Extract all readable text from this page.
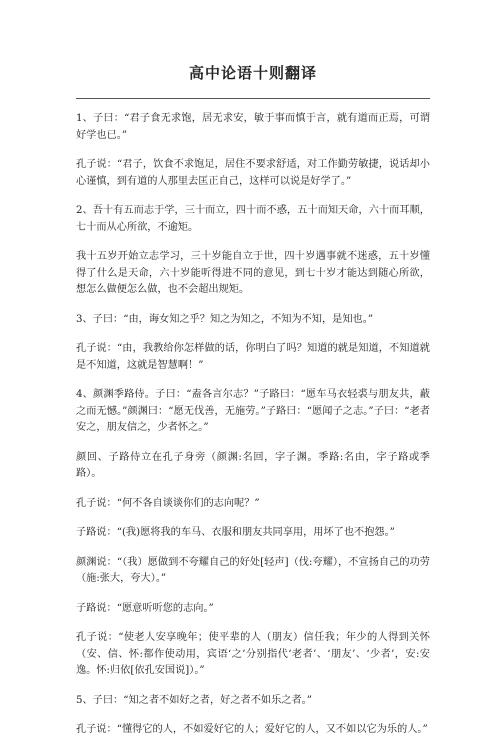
高中论语十则翻译

1、子曰：“君子食无求饱，居无求安，敏于事而慎于言，就有道而正焉，可谓好学也已。”

孔子说：“君子，饮食不求饱足，居住不要求舒适，对工作勤劳敏捷，说话却小心谨慎，到有道的人那里去匡正自己，这样可以说是好学了。”

2、吾十有五而志于学，三十而立，四十而不惑，五十而知天命，六十而耳顺，七十而从心所欲，不逾矩。

我十五岁开始立志学习，三十岁能自立于世，四十岁遇事就不迷惑，五十岁懂得了什么是天命，六十岁能听得进不同的意见，到七十岁才能达到随心所欲，想怎么做便怎么做，也不会超出规矩。

3、子曰：“由，诲女知之乎？知之为知之，不知为不知，是知也。”

孔子说：“由，我教给你怎样做的话，你明白了吗？知道的就是知道，不知道就是不知道，这就是智慧啊！”

4、颜渊季路侍。子曰：“盍各言尔志？”子路曰：“愿车马衣轻裘与朋友共，蔽之而无憾。”颜渊曰：“愿无伐善，无施劳。”子路曰：“愿闻子之志。”子曰：“老者安之，朋友信之，少者怀之。”

颜回、子路侍立在孔子身旁（颜渊:名回，字子渊。季路:名由，字子路或季路）。

孔子说：“何不各自谈谈你们的志向呢？”

子路说：“(我)愿将我的车马、衣服和朋友共同享用，用坏了也不抱怨。”

颜渊说：“（我）愿做到不夸耀自己的好处[轻声]（伐:夸耀），不宣扬自己的功劳（施:张大，夸大）。”

子路说：“愿意听听您的志向。”

孔子说：“使老人安享晚年；使平辈的人（朋友）信任我；年少的人得到关怀（安、信、怀:都作使动用，宾语‘之’分别指代‘老者’、‘朋友’、‘少者’，安:安逸。怀:归依[依孔安国说]）。”

5、子曰：“知之者不如好之者，好之者不如乐之者。”

孔子说：“懂得它的人，不如爱好它的人；爱好它的人，又不如以它为乐的人。”
